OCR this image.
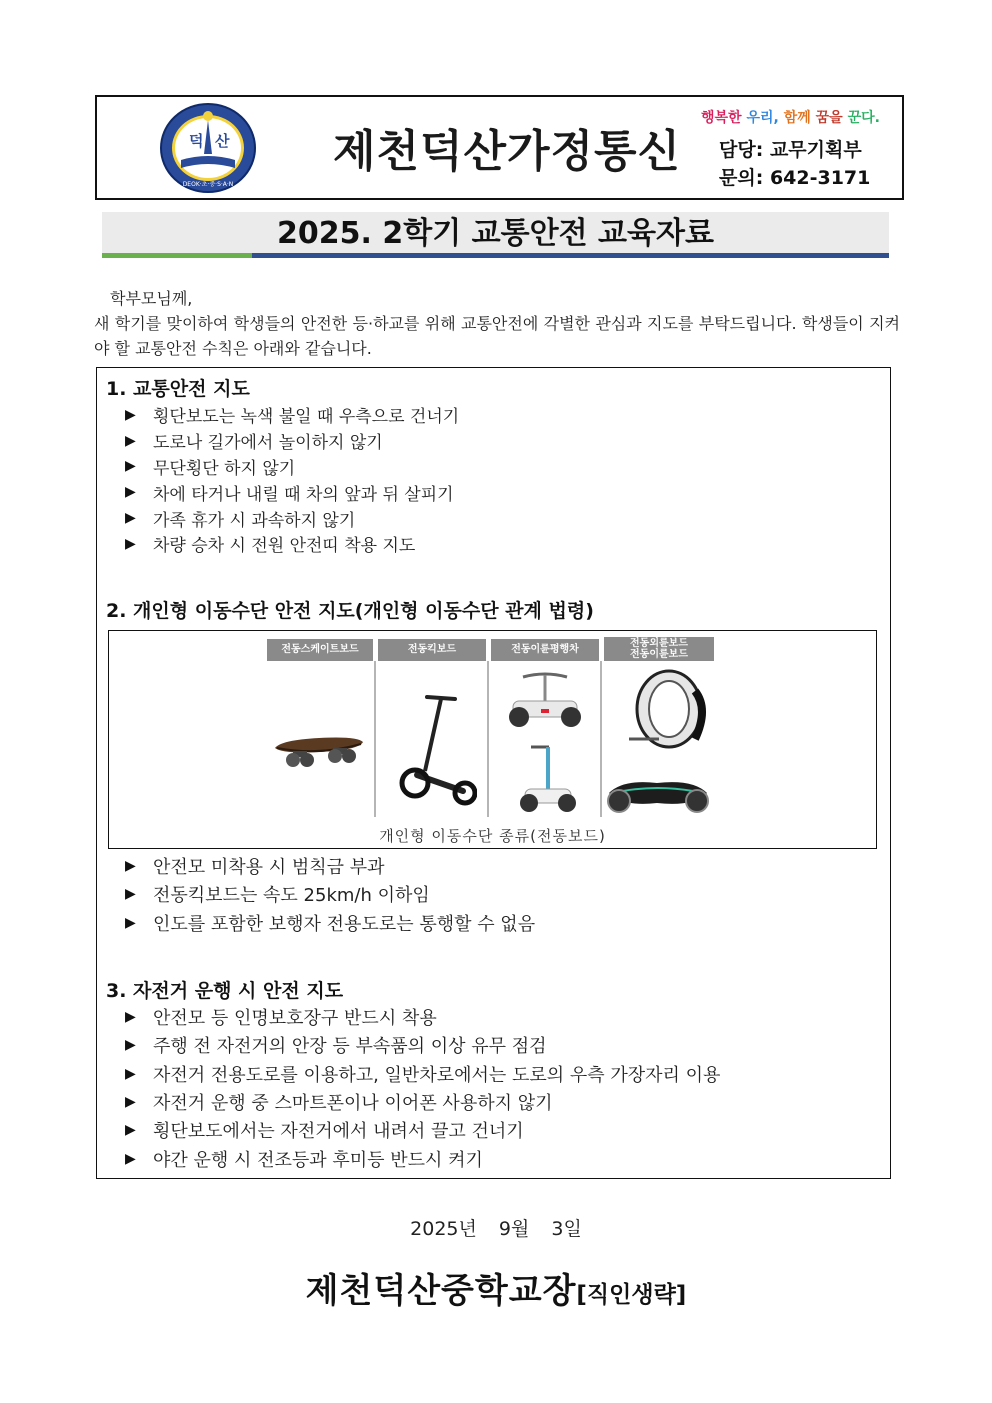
덕 산
DEOK·초·중·S·A·N
제천덕산가정통신
행복한 우리, 함께 꿈을 꾼다.
담당: 교무기획부
문의: 642-3171
2025. 2학기 교통안전 교육자료

학부모님께,

새 학기를 맞이하여 학생들의 안전한 등·하교를 위해 교통안전에 각별한 관심과 지도를 부탁드립니다. 학생들이 지켜야 할 교통안전 수칙은 아래와 같습니다.

1. 교통안전 지도
▶ 횡단보도는 녹색 불일 때 우측으로 건너기
▶ 도로나 길가에서 놀이하지 않기
▶ 무단횡단 하지 않기
▶ 차에 타거나 내릴 때 차의 앞과 뒤 살피기
▶ 가족 휴가 시 과속하지 않기
▶ 차량 승차 시 전원 안전띠 착용 지도
2. 개인형 이동수단 안전 지도(개인형 이동수단 관계 법령)
전동스케이트보드	전동킥보드	전동이륜평행차
전동외륜보드
전동이륜보드
개인형 이동수단 종류(전동보드)
▶ 안전모 미착용 시 범칙금 부과
▶ 전동킥보드는 속도 25km/h 이하임
▶ 인도를 포함한 보행자 전용도로는 통행할 수 없음
3. 자전거 운행 시 안전 지도
▶ 안전모 등 인명보호장구 반드시 착용
▶ 주행 전 자전거의 안장 등 부속품의 이상 유무 점검
▶ 자전거 전용도로를 이용하고, 일반차로에서는 도로의 우측 가장자리 이용
▶ 자전거 운행 중 스마트폰이나 이어폰 사용하지 않기
▶ 횡단보도에서는 자전거에서 내려서 끌고 건너기
▶ 야간 운행 시 전조등과 후미등 반드시 켜기
2025년 9월 3일
제천덕산중학교장[직인생략]
